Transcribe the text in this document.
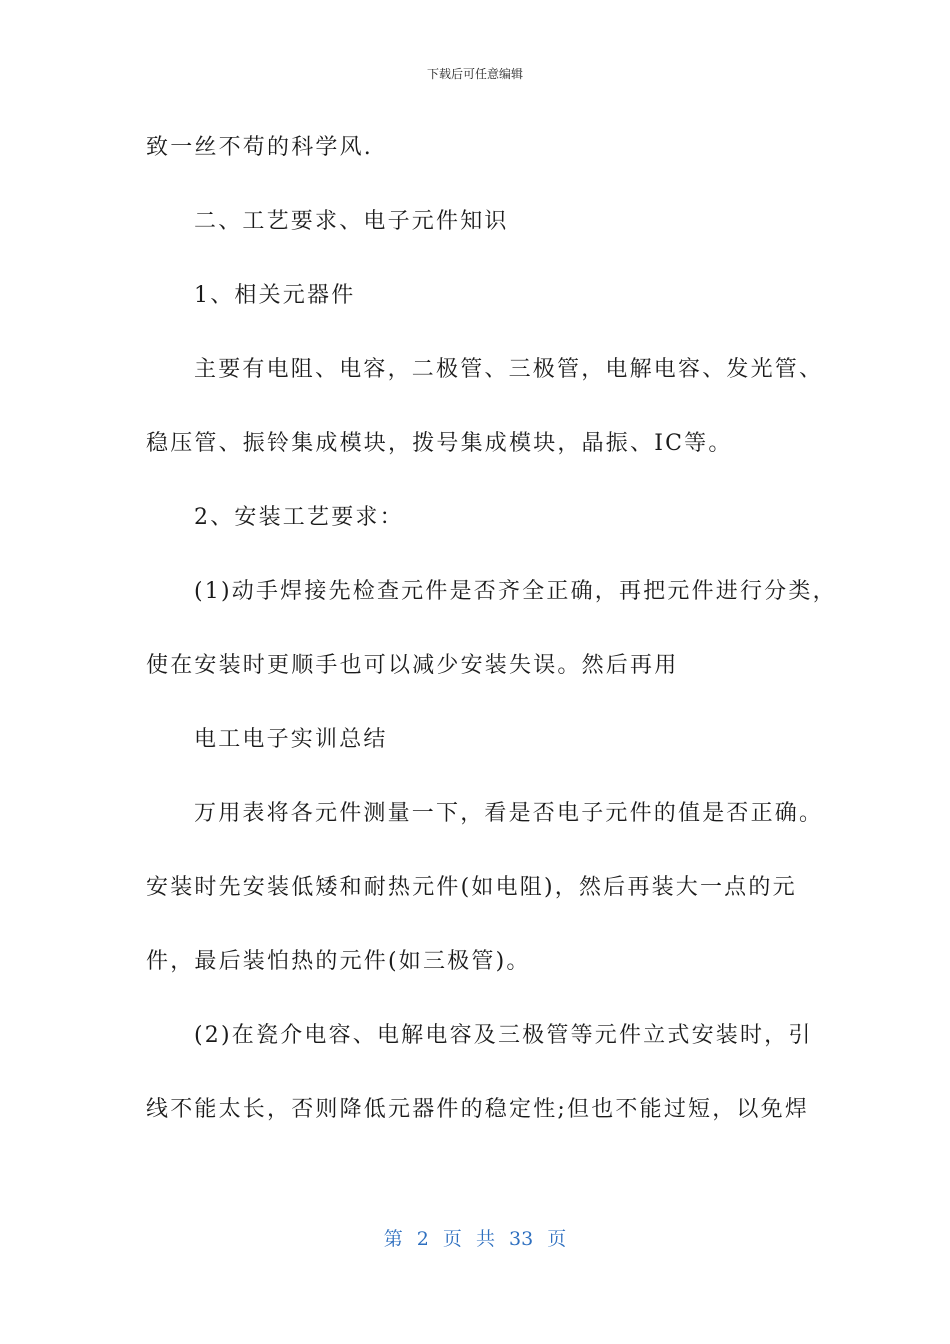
下载后可任意编辑
致一丝不苟的科学风.
二、工艺要求、电子元件知识
1、相关元器件
主要有电阻、电容，二极管、三极管，电解电容、发光管、
稳压管、振铃集成模块，拨号集成模块，晶振、IC等。
2、安装工艺要求：
(1)动手焊接先检查元件是否齐全正确，再把元件进行分类，
使在安装时更顺手也可以减少安装失误。然后再用
电工电子实训总结
万用表将各元件测量一下，看是否电子元件的值是否正确。
安装时先安装低矮和耐热元件(如电阻)，然后再装大一点的元
件，最后装怕热的元件(如三极管)。
(2)在瓷介电容、电解电容及三极管等元件立式安装时，引
线不能太长，否则降低元器件的稳定性;但也不能过短，以免焊
第 2 页 共 33 页
